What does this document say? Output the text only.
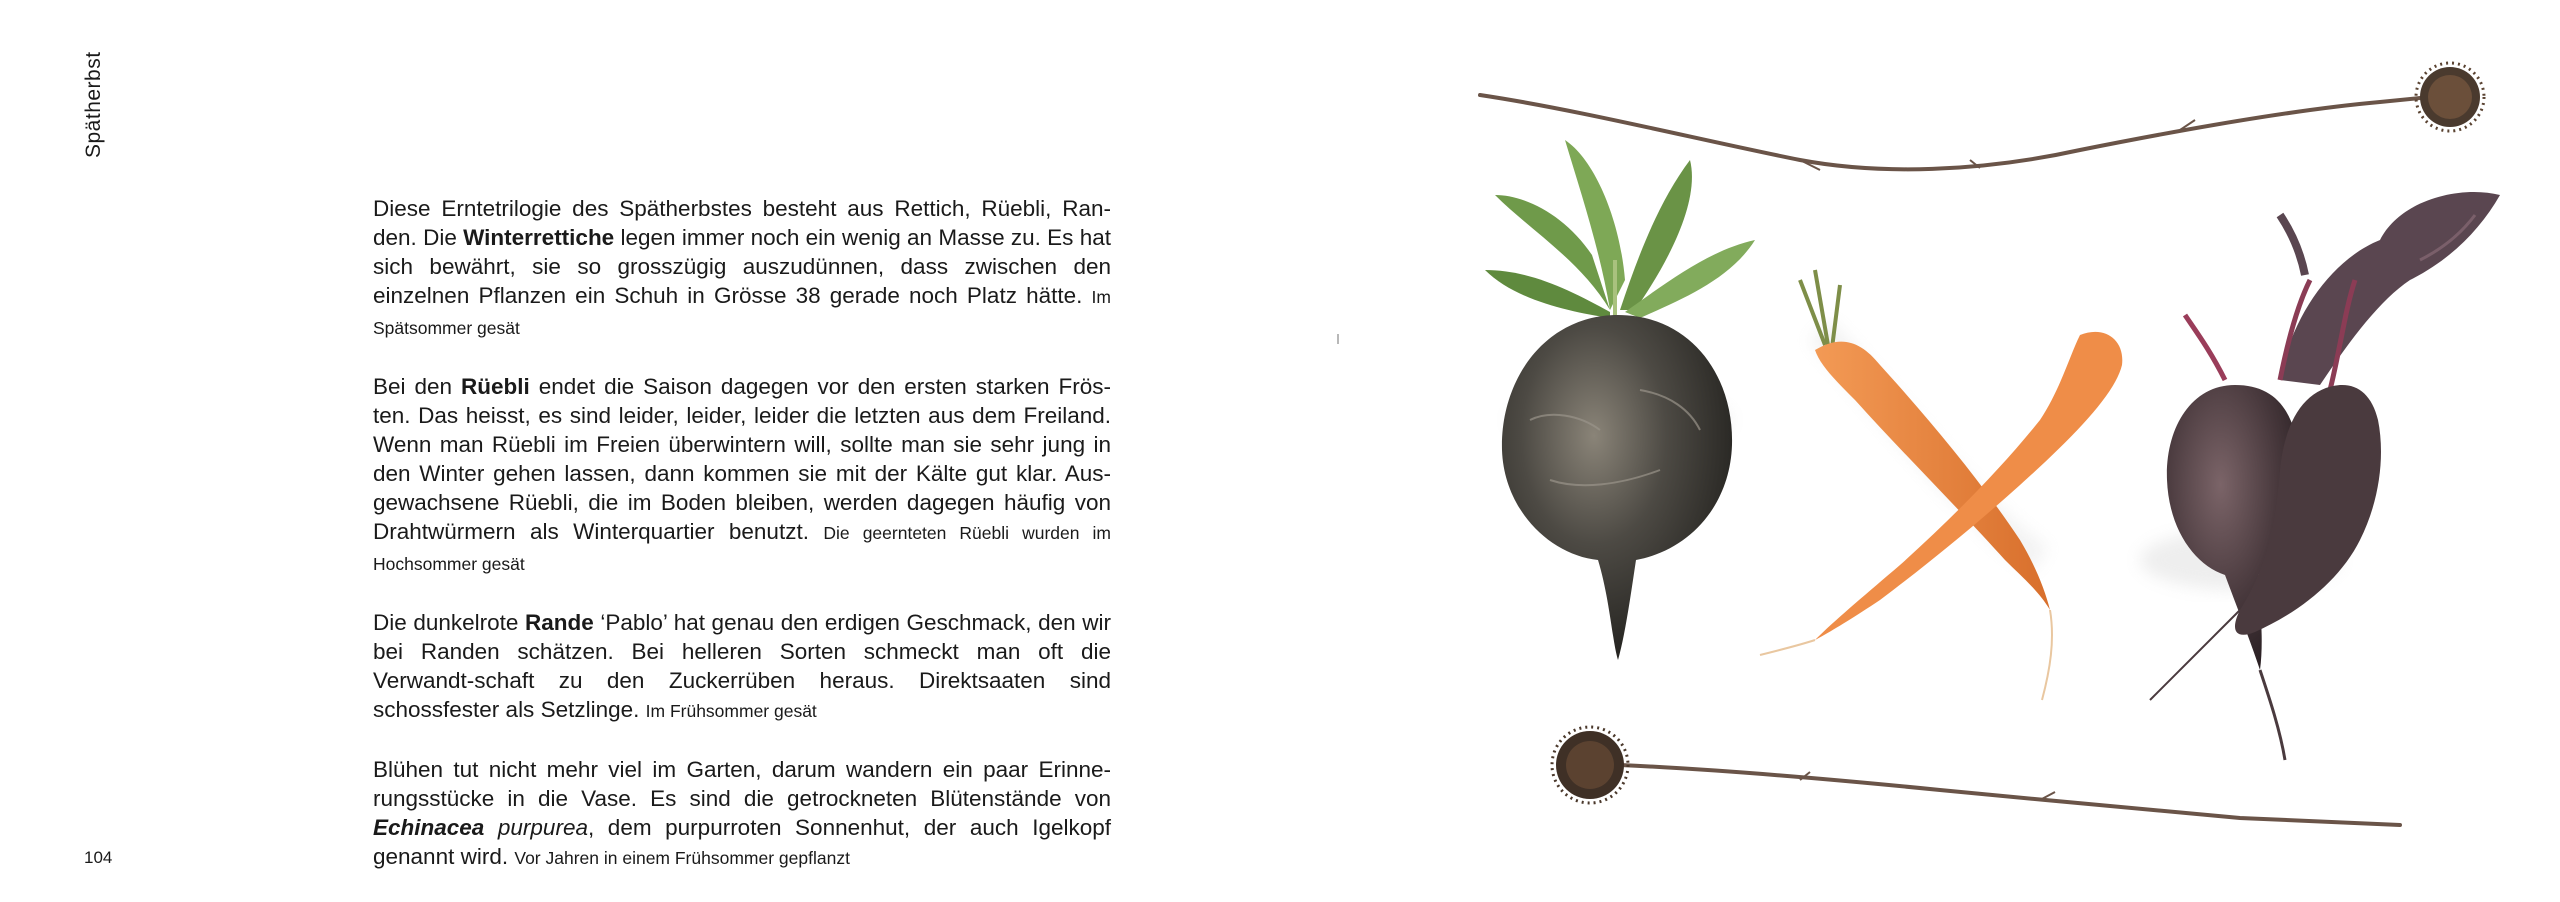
Spätherbst

Diese Erntetrilogie des Spätherbstes besteht aus Rettich, Rüebli, Ran-den. Die Winterrettiche legen immer noch ein wenig an Masse zu. Es hat sich bewährt, sie so grosszügig auszudünnen, dass zwischen den einzelnen Pflanzen ein Schuh in Grösse 38 gerade noch Platz hätte. Im Spätsommer gesät

Bei den Rüebli endet die Saison dagegen vor den ersten starken Frös-ten. Das heisst, es sind leider, leider, leider die letzten aus dem Freiland. Wenn man Rüebli im Freien überwintern will, sollte man sie sehr jung in den Winter gehen lassen, dann kommen sie mit der Kälte gut klar. Aus-gewachsene Rüebli, die im Boden bleiben, werden dagegen häufig von Drahtwürmern als Winterquartier benutzt. Die geernteten Rüebli wurden im Hochsommer gesät

Die dunkelrote Rande ‘Pablo’ hat genau den erdigen Geschmack, den wir bei Randen schätzen. Bei helleren Sorten schmeckt man oft die Verwandt-schaft zu den Zuckerrüben heraus. Direktsaaten sind schossfester als Setzlinge. Im Frühsommer gesät

Blühen tut nicht mehr viel im Garten, darum wandern ein paar Erinne-rungsstücke in die Vase. Es sind die getrockneten Blütenstände von Echinacea purpurea, dem purpurroten Sonnenhut, der auch Igelkopf genannt wird. Vor Jahren in einem Frühsommer gepflanzt

104
